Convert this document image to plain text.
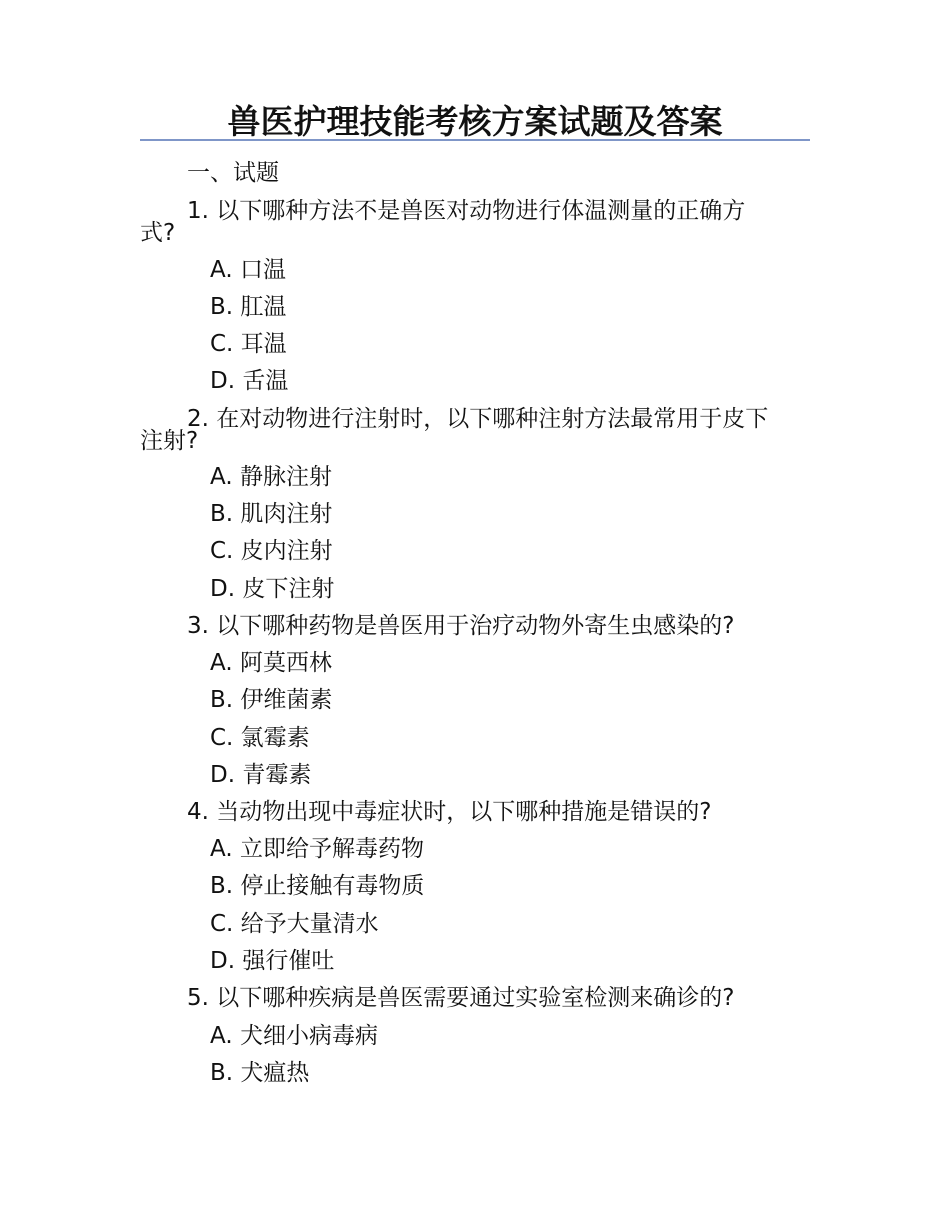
兽医护理技能考核方案试题及答案
一、试题
1. 以下哪种方法不是兽医对动物进行体温测量的正确方
式?
A. 口温
B. 肛温
C. 耳温
D. 舌温
2. 在对动物进行注射时，以下哪种注射方法最常用于皮下
注射?
A. 静脉注射
B. 肌肉注射
C. 皮内注射
D. 皮下注射
3. 以下哪种药物是兽医用于治疗动物外寄生虫感染的?
A. 阿莫西林
B. 伊维菌素
C. 氯霉素
D. 青霉素
4. 当动物出现中毒症状时，以下哪种措施是错误的?
A. 立即给予解毒药物
B. 停止接触有毒物质
C. 给予大量清水
D. 强行催吐
5. 以下哪种疾病是兽医需要通过实验室检测来确诊的?
A. 犬细小病毒病
B. 犬瘟热
